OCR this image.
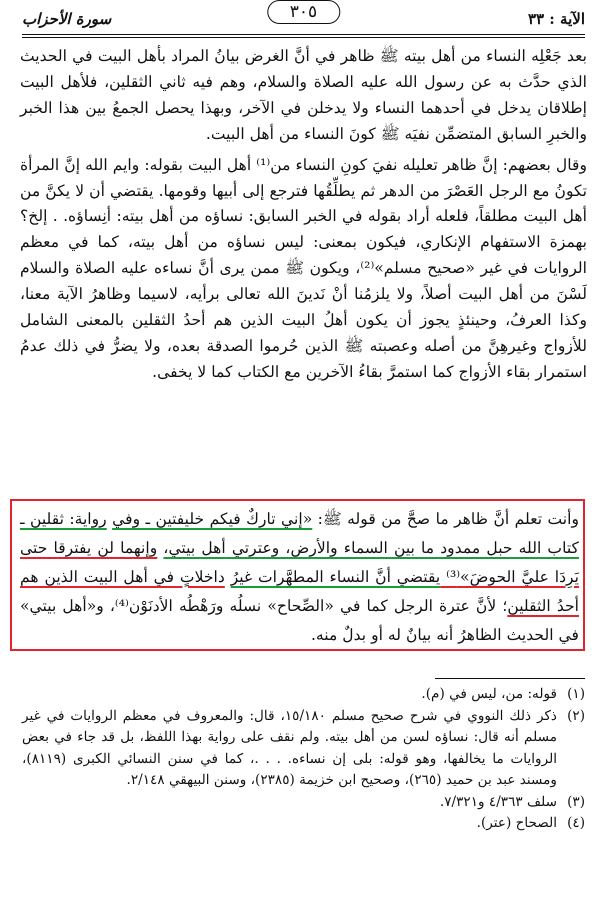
الآية : ٣٣
سورة الأحزاب	٣٠٥

بعد جَعْلِه النساء من أهل بيته ﷺ ظاهر في أنَّ الغرض بيانُ المراد بأهل البيت في الحديث الذي حدَّث به عن رسول الله عليه الصلاة والسلام، وهم فيه ثاني الثقلين، فلأهل البيت إطلاقان يدخل في أحدهما النساء ولا يدخلن في الآخر، وبهذا يحصل الجمعُ بين هذا الخبر والخبرِ السابق المتضمِّن نفيَه ﷺ كونَ النساء من أهل البيت.

وقال بعضهم: إنَّ ظاهر تعليله نفيَ كونِ النساء من⁽¹⁾ أهل البيت بقوله: وايم الله إنَّ المرأة تكونُ مع الرجل العَصْرَ من الدهر ثم يطلِّقُها فترجع إلى أبيها وقومها. يقتضي أن لا يكنَّ من أهل البيت مطلقاً، فلعله أراد بقوله في الخبر السابق: نساؤه من أهل بيته: أنِساؤه. . إلخ؟ بهمزة الاستفهام الإنكاري، فيكون بمعنى: ليس نساؤه من أهل بيته، كما في معظم الروايات في غير «صحيح مسلم»⁽²⁾، ويكون ﷺ ممن يرى أنَّ نساءه عليه الصلاة والسلام لَسْنَ من أهل البيت أصلاً، ولا يلزمُنا أنْ نَدينَ الله تعالى برأيه، لاسيما وظاهرُ الآية معنا، وكذا العرفُ، وحينئذٍ يجوز أن يكون أهلُ البيت الذين هم أحدُ الثقلين بالمعنى الشامل للأزواج وغيرهِنَّ من أصله وعصبته ﷺ الذين حُرموا الصدقة بعده، ولا يضرُّ في ذلك عدمُ استمرار بقاء الأزواج كما استمرَّ بقاءُ الآخرين مع الكتاب كما لا يخفى.

وأنت تعلم أنَّ ظاهر ما صحَّ من قوله ﷺ: «إني تاركٌ فيكم خليفتين ـ وفي رواية: ثقلين ـ كتاب الله حبل ممدود ما بين السماء والأرض، وعترتي أهل بيتي، وإنهما لن يفترقا حتى يَرِدَا عليَّ الحوضَ»⁽³⁾ يقتضي أنَّ النساء المطهَّرات غيرُ داخلاتٍ في أهل البيت الذين هم أحدُ الثقلين؛ لأنَّ عترة الرجل كما في «الصِّحاح» نسلُه ورَهْطُه الأدنَوْن⁽⁴⁾، و«أهل بيتي» في الحديث الظاهرُ أنه بيانٌ له أو بدلٌ منه.

(١)
قوله: من، ليس في (م).

(٢)
ذكر ذلك النووي في شرح صحيح مسلم ١٥/١٨٠، قال: والمعروف في معظم الروايات في غير مسلم أنه قال: نساؤه لسن من أهل بيته. ولم نقف على رواية بهذا اللفظ، بل قد جاء في بعض الروايات ما يخالفها، وهو قوله: بلى إن نساءه. . . .، كما في سنن النسائي الكبرى (٨١١٩)، ومسند عبد بن حميد (٢٦٥)، وصحيح ابن خزيمة (٢٣٨٥)، وسنن البيهقي ٢/١٤٨.

(٣)
سلف ٤/٣٦٣ و٧/٣٢١.

(٤)
الصحاح (عتر).
